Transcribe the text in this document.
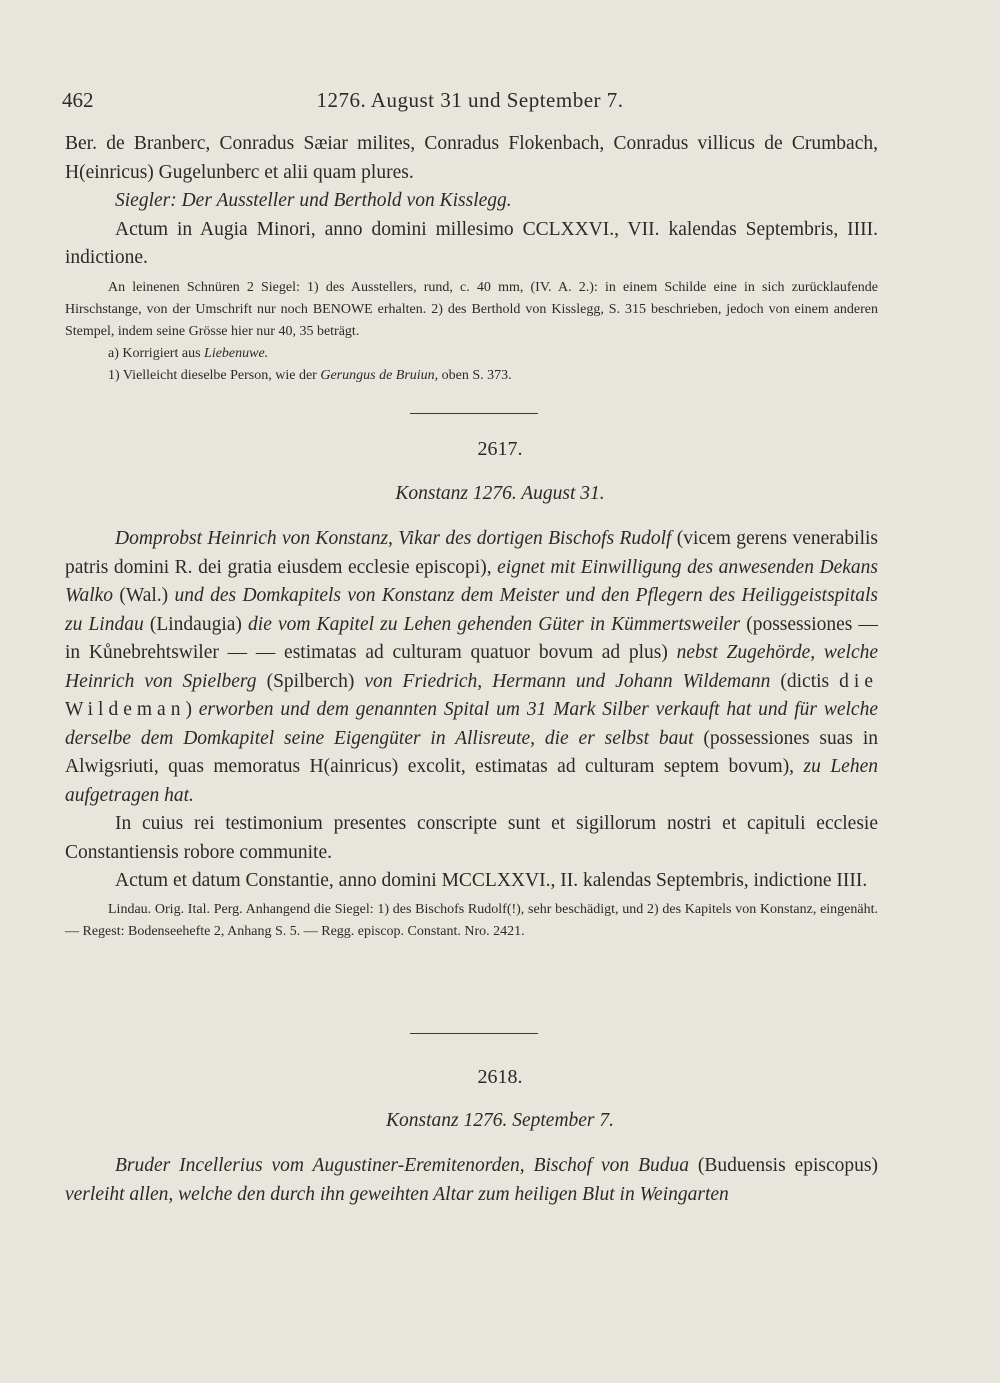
462	1276. August 31 und September 7.

Ber. de Branberc, Conradus Sæiar milites, Conradus Flokenbach, Conradus villicus de Crumbach, H(einricus) Gugelunberc et alii quam plures.

Siegler: Der Aussteller und Berthold von Kisslegg.

Actum in Augia Minori, anno domini millesimo CCLXXVI., VII. kalendas Septembris, IIII. indictione.

An leinenen Schnüren 2 Siegel: 1) des Ausstellers, rund, c. 40 mm, (IV. A. 2.): in einem Schilde eine in sich zurücklaufende Hirschstange, von der Umschrift nur noch BENOWE erhalten. 2) des Berthold von Kisslegg, S. 315 beschrieben, jedoch von einem anderen Stempel, indem seine Grösse hier nur 40, 35 beträgt.

a) Korrigiert aus Liebenuwe.

1) Vielleicht dieselbe Person, wie der Gerungus de Bruiun, oben S. 373.

2617.
Konstanz 1276. August 31.

Domprobst Heinrich von Konstanz, Vikar des dortigen Bischofs Rudolf (vicem gerens venerabilis patris domini R. dei gratia eiusdem ecclesie episcopi), eignet mit Einwilligung des anwesenden Dekans Walko (Wal.) und des Domkapitels von Konstanz dem Meister und den Pflegern des Heiliggeistspitals zu Lindau (Lindaugia) die vom Kapitel zu Lehen gehenden Güter in Kümmertsweiler (possessiones — in Kůnebrehtswiler — — estimatas ad culturam quatuor bovum ad plus) nebst Zugehörde, welche Heinrich von Spielberg (Spilberch) von Friedrich, Hermann und Johann Wildemann (dictis die Wildeman) erworben und dem genannten Spital um 31 Mark Silber verkauft hat und für welche derselbe dem Domkapitel seine Eigengüter in Allisreute, die er selbst baut (possessiones suas in Alwigsriuti, quas memoratus H(ainricus) excolit, estimatas ad culturam septem bovum), zu Lehen aufgetragen hat.

In cuius rei testimonium presentes conscripte sunt et sigillorum nostri et capituli ecclesie Constantiensis robore communite.

Actum et datum Constantie, anno domini MCCLXXVI., II. kalendas Septembris, indictione IIII.

Lindau. Orig. Ital. Perg. Anhangend die Siegel: 1) des Bischofs Rudolf(!), sehr beschädigt, und 2) des Kapitels von Konstanz, eingenäht. — Regest: Bodenseehefte 2, Anhang S. 5. — Regg. episcop. Constant. Nro. 2421.

2618.
Konstanz 1276. September 7.

Bruder Incellerius vom Augustiner-Eremitenorden, Bischof von Budua (Buduensis episcopus) verleiht allen, welche den durch ihn geweihten Altar zum heiligen Blut in Weingarten
